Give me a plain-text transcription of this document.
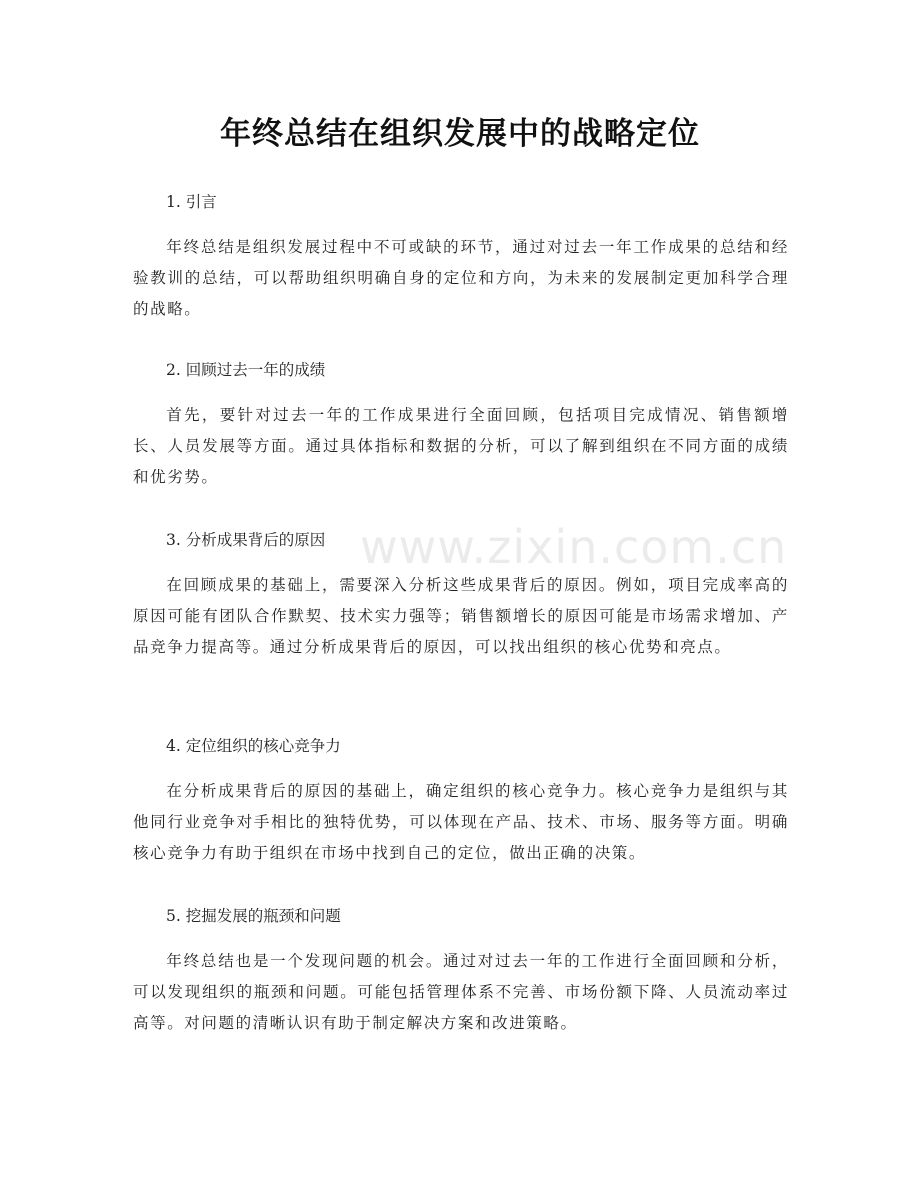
www.zixin.com.cn
年终总结在组织发展中的战略定位

1. 引言

年终总结是组织发展过程中不可或缺的环节，通过对过去一年工作成果的总结和经验教训的总结，可以帮助组织明确自身的定位和方向，为未来的发展制定更加科学合理的战略。

2. 回顾过去一年的成绩

首先，要针对过去一年的工作成果进行全面回顾，包括项目完成情况、销售额增长、人员发展等方面。通过具体指标和数据的分析，可以了解到组织在不同方面的成绩和优劣势。

3. 分析成果背后的原因

在回顾成果的基础上，需要深入分析这些成果背后的原因。例如，项目完成率高的原因可能有团队合作默契、技术实力强等；销售额增长的原因可能是市场需求增加、产品竞争力提高等。通过分析成果背后的原因，可以找出组织的核心优势和亮点。

4. 定位组织的核心竞争力

在分析成果背后的原因的基础上，确定组织的核心竞争力。核心竞争力是组织与其他同行业竞争对手相比的独特优势，可以体现在产品、技术、市场、服务等方面。明确核心竞争力有助于组织在市场中找到自己的定位，做出正确的决策。

5. 挖掘发展的瓶颈和问题

年终总结也是一个发现问题的机会。通过对过去一年的工作进行全面回顾和分析，可以发现组织的瓶颈和问题。可能包括管理体系不完善、市场份额下降、人员流动率过高等。对问题的清晰认识有助于制定解决方案和改进策略。
